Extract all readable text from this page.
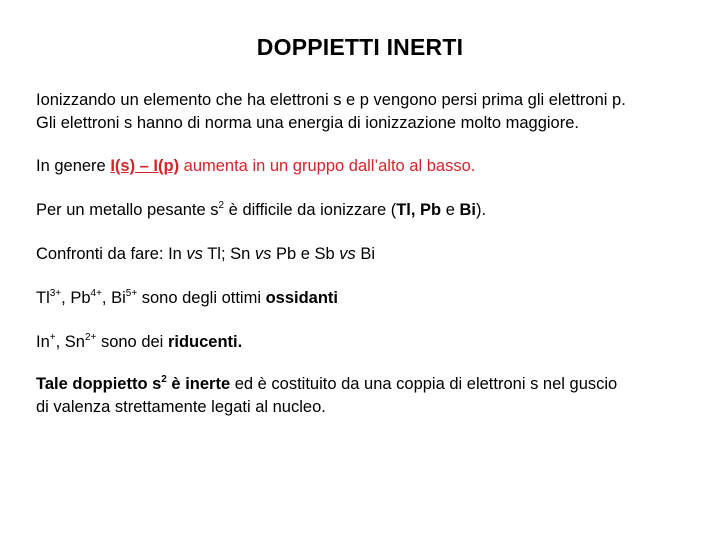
DOPPIETTI INERTI
Ionizzando un elemento che ha elettroni s e p vengono persi prima gli elettroni p.
Gli elettroni s hanno di norma una energia di ionizzazione molto maggiore.
In genere I(s) – I(p) aumenta in un gruppo dall’alto al basso.
Per un metallo pesante $s^2$ è difficile da ionizzare (Tl, Pb e Bi).
Confronti da fare: In vs Tl; Sn vs Pb e Sb vs Bi
$Tl^{3+}$, $Pb^{4+}$, $Bi^{5+}$ sono degli ottimi ossidanti
In+, $Sn^{2+}$ sono dei riducenti.
Tale doppietto $s^2$ è inerte ed è costituito da una coppia di elettroni s nel guscio
di valenza strettamente legati al nucleo.
